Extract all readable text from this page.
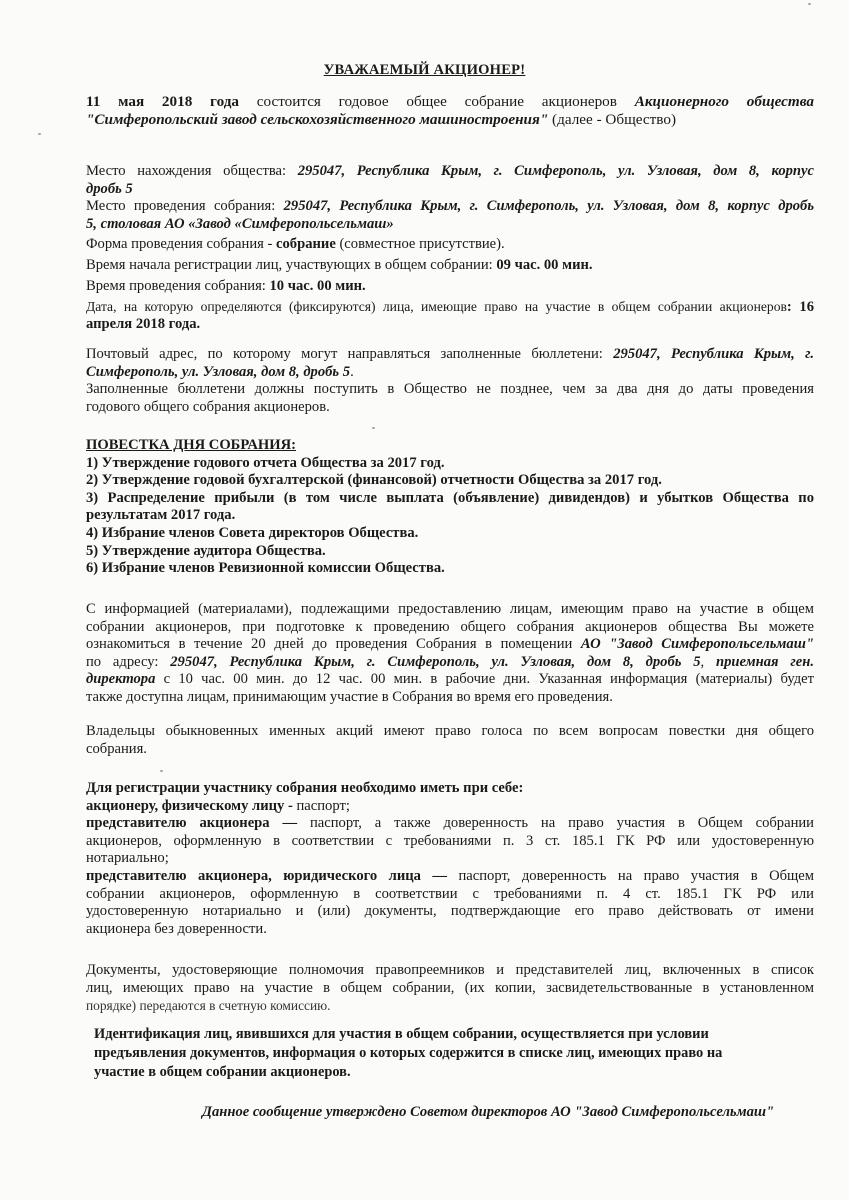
УВАЖАЕМЫЙ АКЦИОНЕР!
11 мая 2018 года состоится годовое общее собрание акционеров Акционерного общества
"Симферопольский завод сельскохозяйственного машиностроения" (далее - Общество)
Место нахождения общества: 295047, Республика Крым, г. Симферополь, ул. Узловая, дом 8, корпус
дробь 5
Место проведения собрания: 295047, Республика Крым, г. Симферополь, ул. Узловая, дом 8, корпус дробь
5, столовая АО «Завод «Симферопольсельмаш»
Форма проведения собрания - собрание (совместное присутствие).
Время начала регистрации лиц, участвующих в общем собрании: 09 час. 00 мин.
Время проведения собрания: 10 час. 00 мин.
Дата, на которую определяются (фиксируются) лица, имеющие право на участие в общем собрании акционеров: 16
апреля 2018 года.
Почтовый адрес, по которому могут направляться заполненные бюллетени: 295047, Республика Крым, г.
Симферополь, ул. Узловая, дом 8, дробь 5.
Заполненные бюллетени должны поступить в Общество не позднее, чем за два дня до даты проведения
годового общего собрания акционеров.
ПОВЕСТКА ДНЯ СОБРАНИЯ:
1) Утверждение годового отчета Общества за 2017 год.
2) Утверждение годовой бухгалтерской (финансовой) отчетности Общества за 2017 год.
3) Распределение прибыли (в том числе выплата (объявление) дивидендов) и убытков Общества по
результатам 2017 года.
4) Избрание членов Совета директоров Общества.
5) Утверждение аудитора Общества.
6) Избрание членов Ревизионной комиссии Общества.
С информацией (материалами), подлежащими предоставлению лицам, имеющим право на участие в общем
собрании акционеров, при подготовке к проведению общего собрания акционеров общества Вы можете
ознакомиться в течение 20 дней до проведения Собрания в помещении АО "Завод Симферопольсельмаш"
по адресу: 295047, Республика Крым, г. Симферополь, ул. Узловая, дом 8, дробь 5, приемная ген.
директора с 10 час. 00 мин. до 12 час. 00 мин. в рабочие дни. Указанная информация (материалы) будет
также доступна лицам, принимающим участие в Собрания во время его проведения.
Владельцы обыкновенных именных акций имеют право голоса по всем вопросам повестки дня общего
собрания.
Для регистрации участнику собрания необходимо иметь при себе:
акционеру, физическому лицу - паспорт;
представителю акционера — паспорт, а также доверенность на право участия в Общем собрании
акционеров, оформленную в соответствии с требованиями п. 3 ст. 185.1 ГК РФ или удостоверенную
нотариально;
представителю акционера, юридического лица — паспорт, доверенность на право участия в Общем
собрании акционеров, оформленную в соответствии с требованиями п. 4 ст. 185.1 ГК РФ или
удостоверенную нотариально и (или) документы, подтверждающие его право действовать от имени
акционера без доверенности.
Документы, удостоверяющие полномочия правопреемников и представителей лиц, включенных в список
лиц, имеющих право на участие в общем собрании, (их копии, засвидетельствованные в установленном
порядке) передаются в счетную комиссию.
Идентификация лиц, явившихся для участия в общем собрании, осуществляется при условии
предъявления документов, информация о которых содержится в списке лиц, имеющих право на
участие в общем собрании акционеров.
Данное сообщение утверждено Советом директоров АО "Завод Симферопольсельмаш"
